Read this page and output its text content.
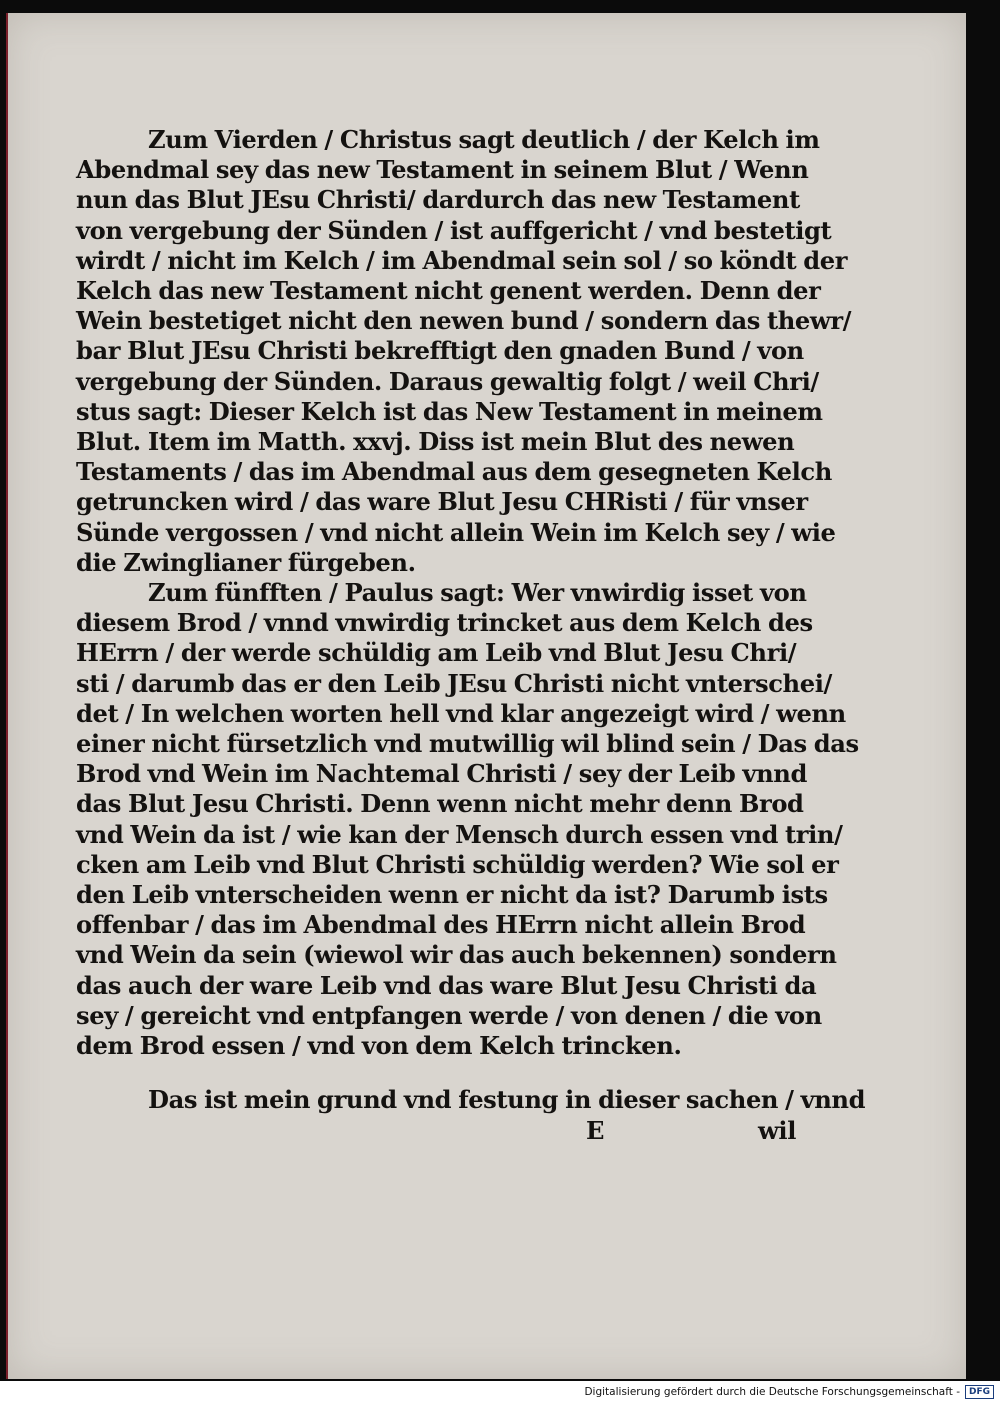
Zum Vierden / Christus sagt deutlich / der Kelch im
Abendmal sey das new Testament in seinem Blut / Wenn
nun das Blut JEsu Christi/ dardurch das new Testament
von vergebung der Sünden / ist auffgericht / vnd bestetigt
wirdt / nicht im Kelch / im Abendmal sein sol / so köndt der
Kelch das new Testament nicht genent werden. Denn der
Wein bestetiget nicht den newen bund / sondern das thewr/
bar Blut JEsu Christi bekrefftigt den gnaden Bund / von
vergebung der Sünden. Daraus gewaltig folgt / weil Chri/
stus sagt: Dieser Kelch ist das New Testament in meinem
Blut. Item im Matth. xxvj. Diss ist mein Blut des newen
Testaments / das im Abendmal aus dem gesegneten Kelch
getruncken wird / das ware Blut Jesu CHRisti / für vnser
Sünde vergossen / vnd nicht allein Wein im Kelch sey / wie
die Zwinglianer fürgeben.
Zum fünfften / Paulus sagt: Wer vnwirdig isset von
diesem Brod / vnnd vnwirdig trincket aus dem Kelch des
HErrn / der werde schüldig am Leib vnd Blut Jesu Chri/
sti / darumb das er den Leib JEsu Christi nicht vnterschei/
det / In welchen worten hell vnd klar angezeigt wird / wenn
einer nicht fürsetzlich vnd mutwillig wil blind sein / Das das
Brod vnd Wein im Nachtemal Christi / sey der Leib vnnd
das Blut Jesu Christi. Denn wenn nicht mehr denn Brod
vnd Wein da ist / wie kan der Mensch durch essen vnd trin/
cken am Leib vnd Blut Christi schüldig werden? Wie sol er
den Leib vnterscheiden wenn er nicht da ist? Darumb ists
offenbar / das im Abendmal des HErrn nicht allein Brod
vnd Wein da sein (wiewol wir das auch bekennen) sondern
das auch der ware Leib vnd das ware Blut Jesu Christi da
sey / gereicht vnd entpfangen werde / von denen / die von
dem Brod essen / vnd von dem Kelch trincken.
Das ist mein grund vnd festung in dieser sachen / vnnd
E	wil
Digitalisierung gefördert durch die Deutsche Forschungsgemeinschaft -	DFG
